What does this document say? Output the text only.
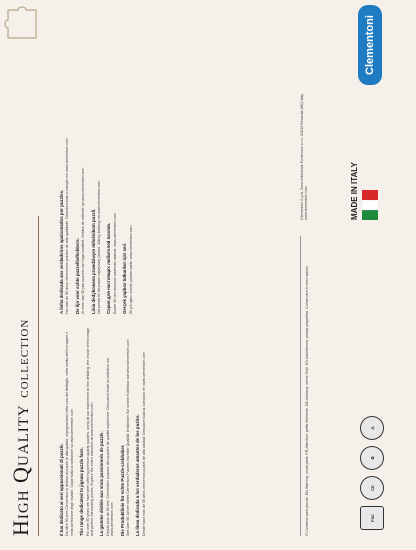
High Quality collection

Il tuo dedicato ai veri appassionati di puzzle. Da oltre 50 anni Clementoni si dedica al puzzle di alta qualità, impegnandosi nella cura del dettaglio, nella scelta dell'immagine e nella perfezione degli incastri. Scopri tutta la collezione su www.clementoni.com The range dedicated to jigsaw puzzle fans. For over 50 years we have been offering premium quality puzzles, using all our experience to fine detailing, the choice of the image and perfect interlocking pieces. Explore the entire collection at www.clementoni.com La gamme dédiée aux vrais passionnés de puzzle. Depuis plus de 50 ans, Clementoni propose des puzzles de qualité supérieure. Découvrez toute la collection sur www.clementoni.com Die Produktlinie für echte Puzzle-Liebhaber. Seit über 50 Jahren bietet Clementoni Puzzles höchster Qualität. Entdecken Sie unsere Kollektion auf www.clementoni.com La línea dedicada a los verdaderos amantes de los puzles. Desde hace más de 50 años ofrecemos puzles de alta calidad. Descubre toda la colección en www.clementoni.com

A linha dedicada aos verdadeiros apaixonados por puzzles. Há mais de 50 anos oferecemos puzzles de alta qualidade. Descubra toda a coleção em www.clementoni.com De lijn voor echte puzzelliefhebbers. Al meer dan 50 jaar puzzels van hoge kwaliteit. Ontdek de collectie op www.clementoni.com Linia dedykowana prawdziwym miłośnikom puzzli. Od ponad 50 lat puzzle najwyższej jakości. Odkryj kolekcję na www.clementoni.com Серия для настоящих любителей пазлов. Более 50 лет высокое качество пазлов. www.clementoni.com Gerçek yapboz tutkunları için seri. 50 yılı aşkın süredir yüksek kalite. www.clementoni.com	IT-Contiene parti piccole. EN-Warning: small parts. FR-Attention: petits éléments. DE-Achtung: kleine Teile. ES-Advertencia: piezas pequeñas. Conservare le informazioni.	FSC
CE
♻
⚠

Clementoni S.p.A. Zona Industriale Fontenoce s.n.c. 62019 Recanati (MC) Italy www.clementoni.com	MADE IN ITALY
Clementoni
